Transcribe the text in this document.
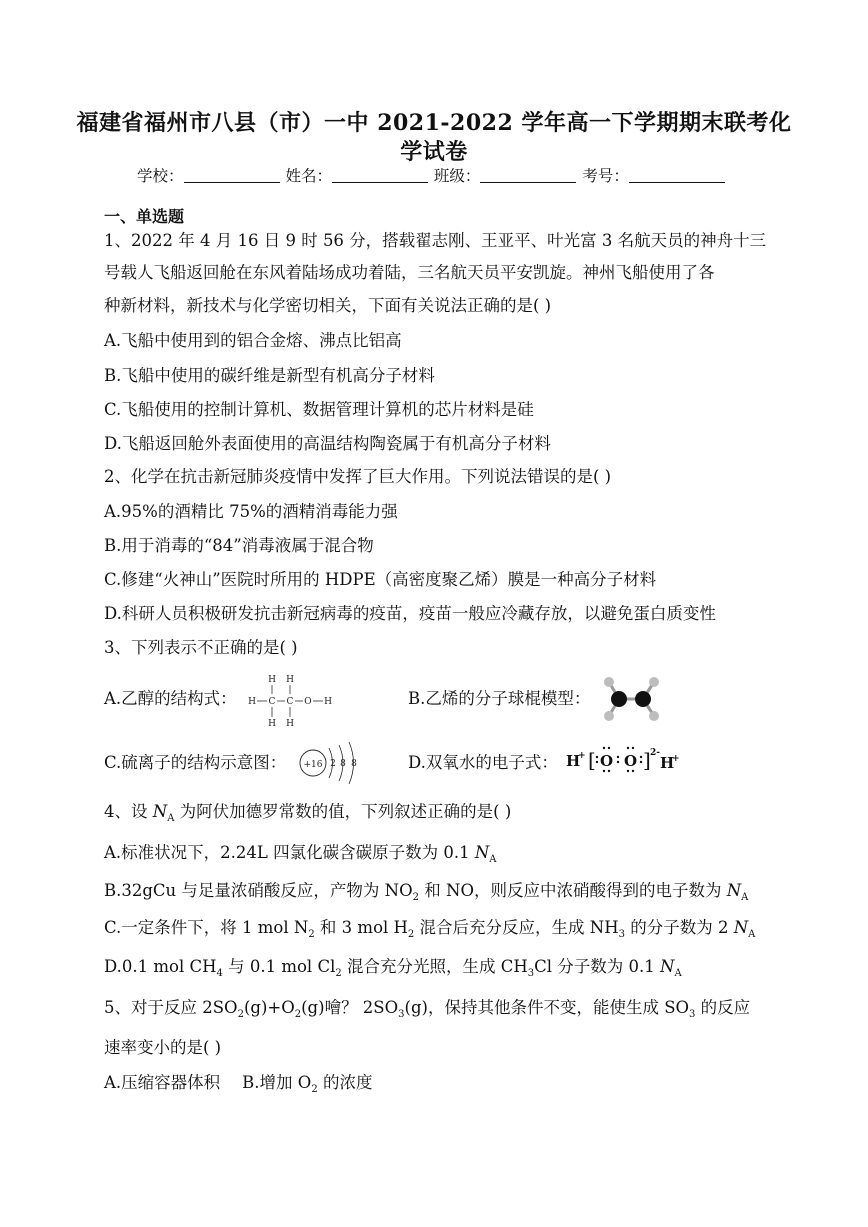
福建省福州市八县（市）一中 2021-2022 学年高一下学期期末联考化
学试卷
学校：	姓名：	班级：	考号：
一、单选题
1、2022 年 4 月 16 日 9 时 56 分，搭载翟志刚、王亚平、叶光富 3 名航天员的神舟十三
号载人飞船返回舱在东风着陆场成功着陆，三名航天员平安凯旋。神州飞船使用了各
种新材料，新技术与化学密切相关，下面有关说法正确的是( )
A.飞船中使用到的铝合金熔、沸点比铝高
B.飞船中使用的碳纤维是新型有机高分子材料
C.飞船使用的控制计算机、数据管理计算机的芯片材料是硅
D.飞船返回舱外表面使用的高温结构陶瓷属于有机高分子材料
2、化学在抗击新冠肺炎疫情中发挥了巨大作用。下列说法错误的是( )
A.95%的酒精比 75%的酒精消毒能力强
B.用于消毒的“84”消毒液属于混合物
C.修建“火神山”医院时所用的 HDPE（高密度聚乙烯）膜是一种高分子材料
D.科研人员积极研发抗击新冠病毒的疫苗，疫苗一般应冷藏存放，以避免蛋白质变性
3、下列表示不正确的是( )
A.乙醇的结构式：
H H
H C C O H
H H
B.乙烯的分子球棍模型：
C.硫离子的结构示意图： +16 2 8 8	D.双氧水的电子式： H
+ [ O O ] 2-
H
+
4、设 $N_A$ 为阿伏加德罗常数的值，下列叙述正确的是( )
A.标准状况下，2.24L 四氯化碳含碳原子数为 0.1 $N_A$
B.32gCu 与足量浓硝酸反应，产物为 $NO_2$ 和 NO，则反应中浓硝酸得到的电子数为 $N_A$
C.一定条件下，将 1 mol $N_2$ 和 3 mol $H_2$ 混合后充分反应，生成 $NH_3$ 的分子数为 2 $N_A$
D.0.1 mol $CH_4$ 与 0.1 mol $Cl_2$ 混合充分光照，生成 $CH_3Cl$ 分子数为 0.1 $N_A$
5、对于反应 $2SO_2(g)+O_2(g)$噲？ $2SO_3(g)$，保持其他条件不变，能使生成 $SO_3$ 的反应
速率变小的是( )
A.压缩容器体积 B.增加 $O_2$ 的浓度
